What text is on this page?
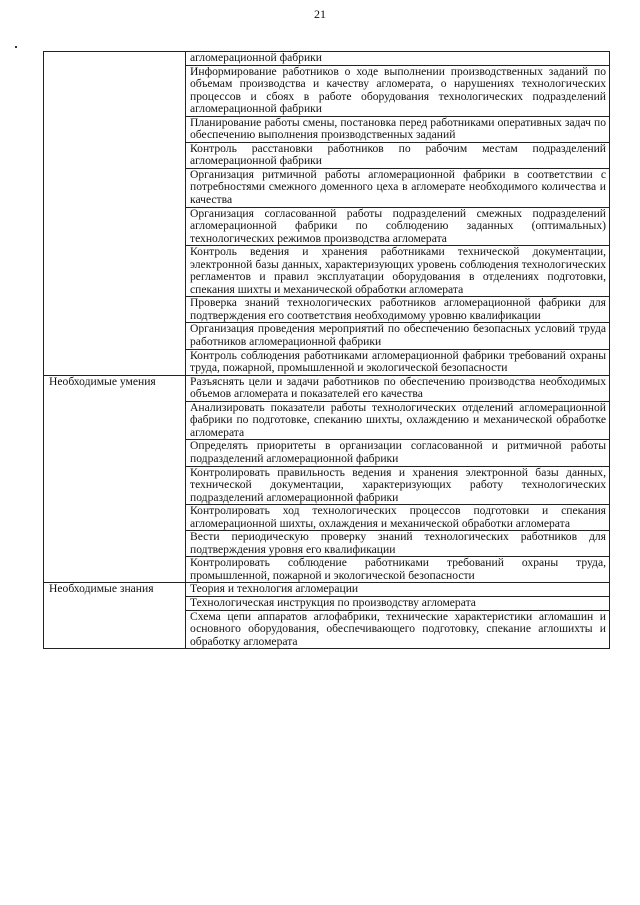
21
	агломерационной фабрики
	Информирование работников о ходе выполнении производственных заданий по объемам производства и качеству агломерата, о нарушениях технологических процессов и сбоях в работе оборудования технологических подразделений агломерационной фабрики
	Планирование работы смены, постановка перед работниками оперативных задач по обеспечению выполнения производственных заданий
	Контроль расстановки работников по рабочим местам подразделений агломерационной фабрики
	Организация ритмичной работы агломерационной фабрики в соответствии с потребностями смежного доменного цеха в агломерате необходимого количества и качества
	Организация согласованной работы подразделений смежных подразделений агломерационной фабрики по соблюдению заданных (оптимальных) технологических режимов производства агломерата
	Контроль ведения и хранения работниками технической документации, электронной базы данных, характеризующих уровень соблюдения технологических регламентов и правил эксплуатации оборудования в отделениях подготовки, спекания шихты и механической обработки агломерата
	Проверка знаний технологических работников агломерационной фабрики для подтверждения его соответствия необходимому уровню квалификации
	Организация проведения мероприятий по обеспечению безопасных условий труда работников агломерационной фабрики
	Контроль соблюдения работниками агломерационной фабрики требований охраны труда, пожарной, промышленной и экологической безопасности
Необходимые умения	Разъяснять цели и задачи работников по обеспечению производства необходимых объемов агломерата и показателей его качества
	Анализировать показатели работы технологических отделений агломерационной фабрики по подготовке, спеканию шихты, охлаждению и механической обработке агломерата
	Определять приоритеты в организации согласованной и ритмичной работы подразделений агломерационной фабрики
	Контролировать правильность ведения и хранения электронной базы данных, технической документации, характеризующих работу технологических подразделений агломерационной фабрики
	Контролировать ход технологических процессов подготовки и спекания агломерационной шихты, охлаждения и механической обработки агломерата
	Вести периодическую проверку знаний технологических работников для подтверждения уровня его квалификации
	Контролировать соблюдение работниками требований охраны труда, промышленной, пожарной и экологической безопасности
Необходимые знания	Теория и технология агломерации
	Технологическая инструкция по производству агломерата
	Схема цепи аппаратов аглофабрики, технические характеристики агломашин и основного оборудования, обеспечивающего подготовку, спекание аглошихты и обработку агломерата
